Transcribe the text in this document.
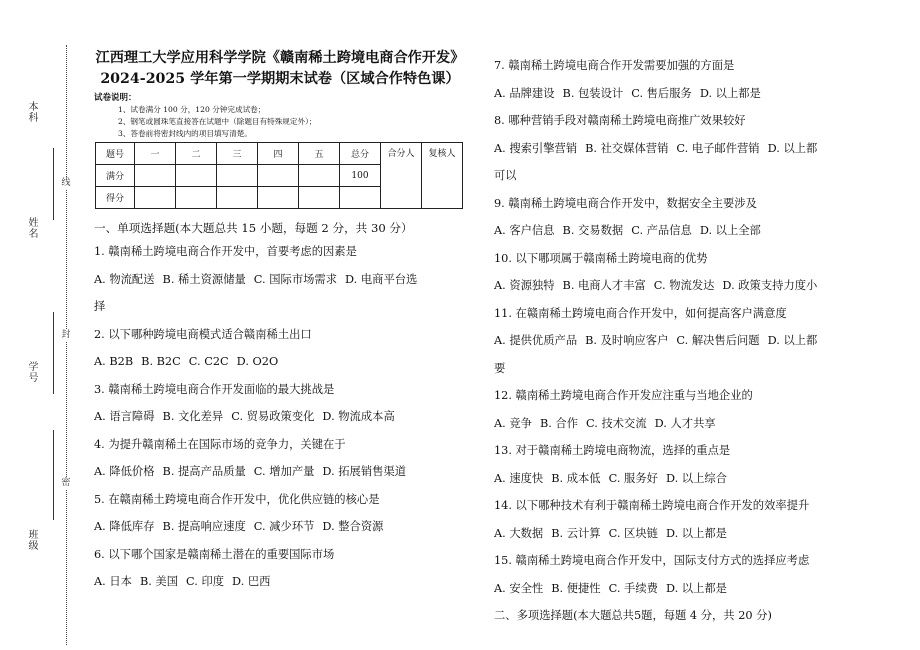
本科
姓名
学号
班级
线
封
密
江西理工大学应用科学学院《赣南稀土跨境电商合作开发》
2024-2025 学年第一学期期末试卷（区域合作特色课）
试卷说明：
1、试卷满分 100 分，120 分钟完成试卷；
2、钢笔或圆珠笔直接答在试题中（除题目有特殊规定外）；
3、答卷前将密封线内的项目填写清楚。
题号	一	二	三	四	五	总分	合分人	复核人
满分						100		
得分								
一、单项选择题(本大题总共 15 小题，每题 2 分，共 30 分）
1. 赣南稀土跨境电商合作开发中，首要考虑的因素是
A. 物流配送 B. 稀土资源储量 C. 国际市场需求 D. 电商平台选
择
2. 以下哪种跨境电商模式适合赣南稀土出口
A. B2B B. B2C C. C2C D. O2O
3. 赣南稀土跨境电商合作开发面临的最大挑战是
A. 语言障碍 B. 文化差异 C. 贸易政策变化 D. 物流成本高
4. 为提升赣南稀土在国际市场的竞争力，关键在于
A. 降低价格 B. 提高产品质量 C. 增加产量 D. 拓展销售渠道
5. 在赣南稀土跨境电商合作开发中，优化供应链的核心是
A. 降低库存 B. 提高响应速度 C. 减少环节 D. 整合资源
6. 以下哪个国家是赣南稀土潜在的重要国际市场
A. 日本 B. 美国 C. 印度 D. 巴西
7. 赣南稀土跨境电商合作开发需要加强的方面是
A. 品牌建设 B. 包装设计 C. 售后服务 D. 以上都是
8. 哪种营销手段对赣南稀土跨境电商推广效果较好
A. 搜索引擎营销 B. 社交媒体营销 C. 电子邮件营销 D. 以上都
可以
9. 赣南稀土跨境电商合作开发中，数据安全主要涉及
A. 客户信息 B. 交易数据 C. 产品信息 D. 以上全部
10. 以下哪项属于赣南稀土跨境电商的优势
A. 资源独特 B. 电商人才丰富 C. 物流发达 D. 政策支持力度小
11. 在赣南稀土跨境电商合作开发中，如何提高客户满意度
A. 提供优质产品 B. 及时响应客户 C. 解决售后问题 D. 以上都
要
12. 赣南稀土跨境电商合作开发应注重与当地企业的
A. 竞争 B. 合作 C. 技术交流 D. 人才共享
13. 对于赣南稀土跨境电商物流，选择的重点是
A. 速度快 B. 成本低 C. 服务好 D. 以上综合
14. 以下哪种技术有利于赣南稀土跨境电商合作开发的效率提升
A. 大数据 B. 云计算 C. 区块链 D. 以上都是
15. 赣南稀土跨境电商合作开发中，国际支付方式的选择应考虑
A. 安全性 B. 便捷性 C. 手续费 D. 以上都是
二、多项选择题(本大题总共5题，每题 4 分，共 20 分)
